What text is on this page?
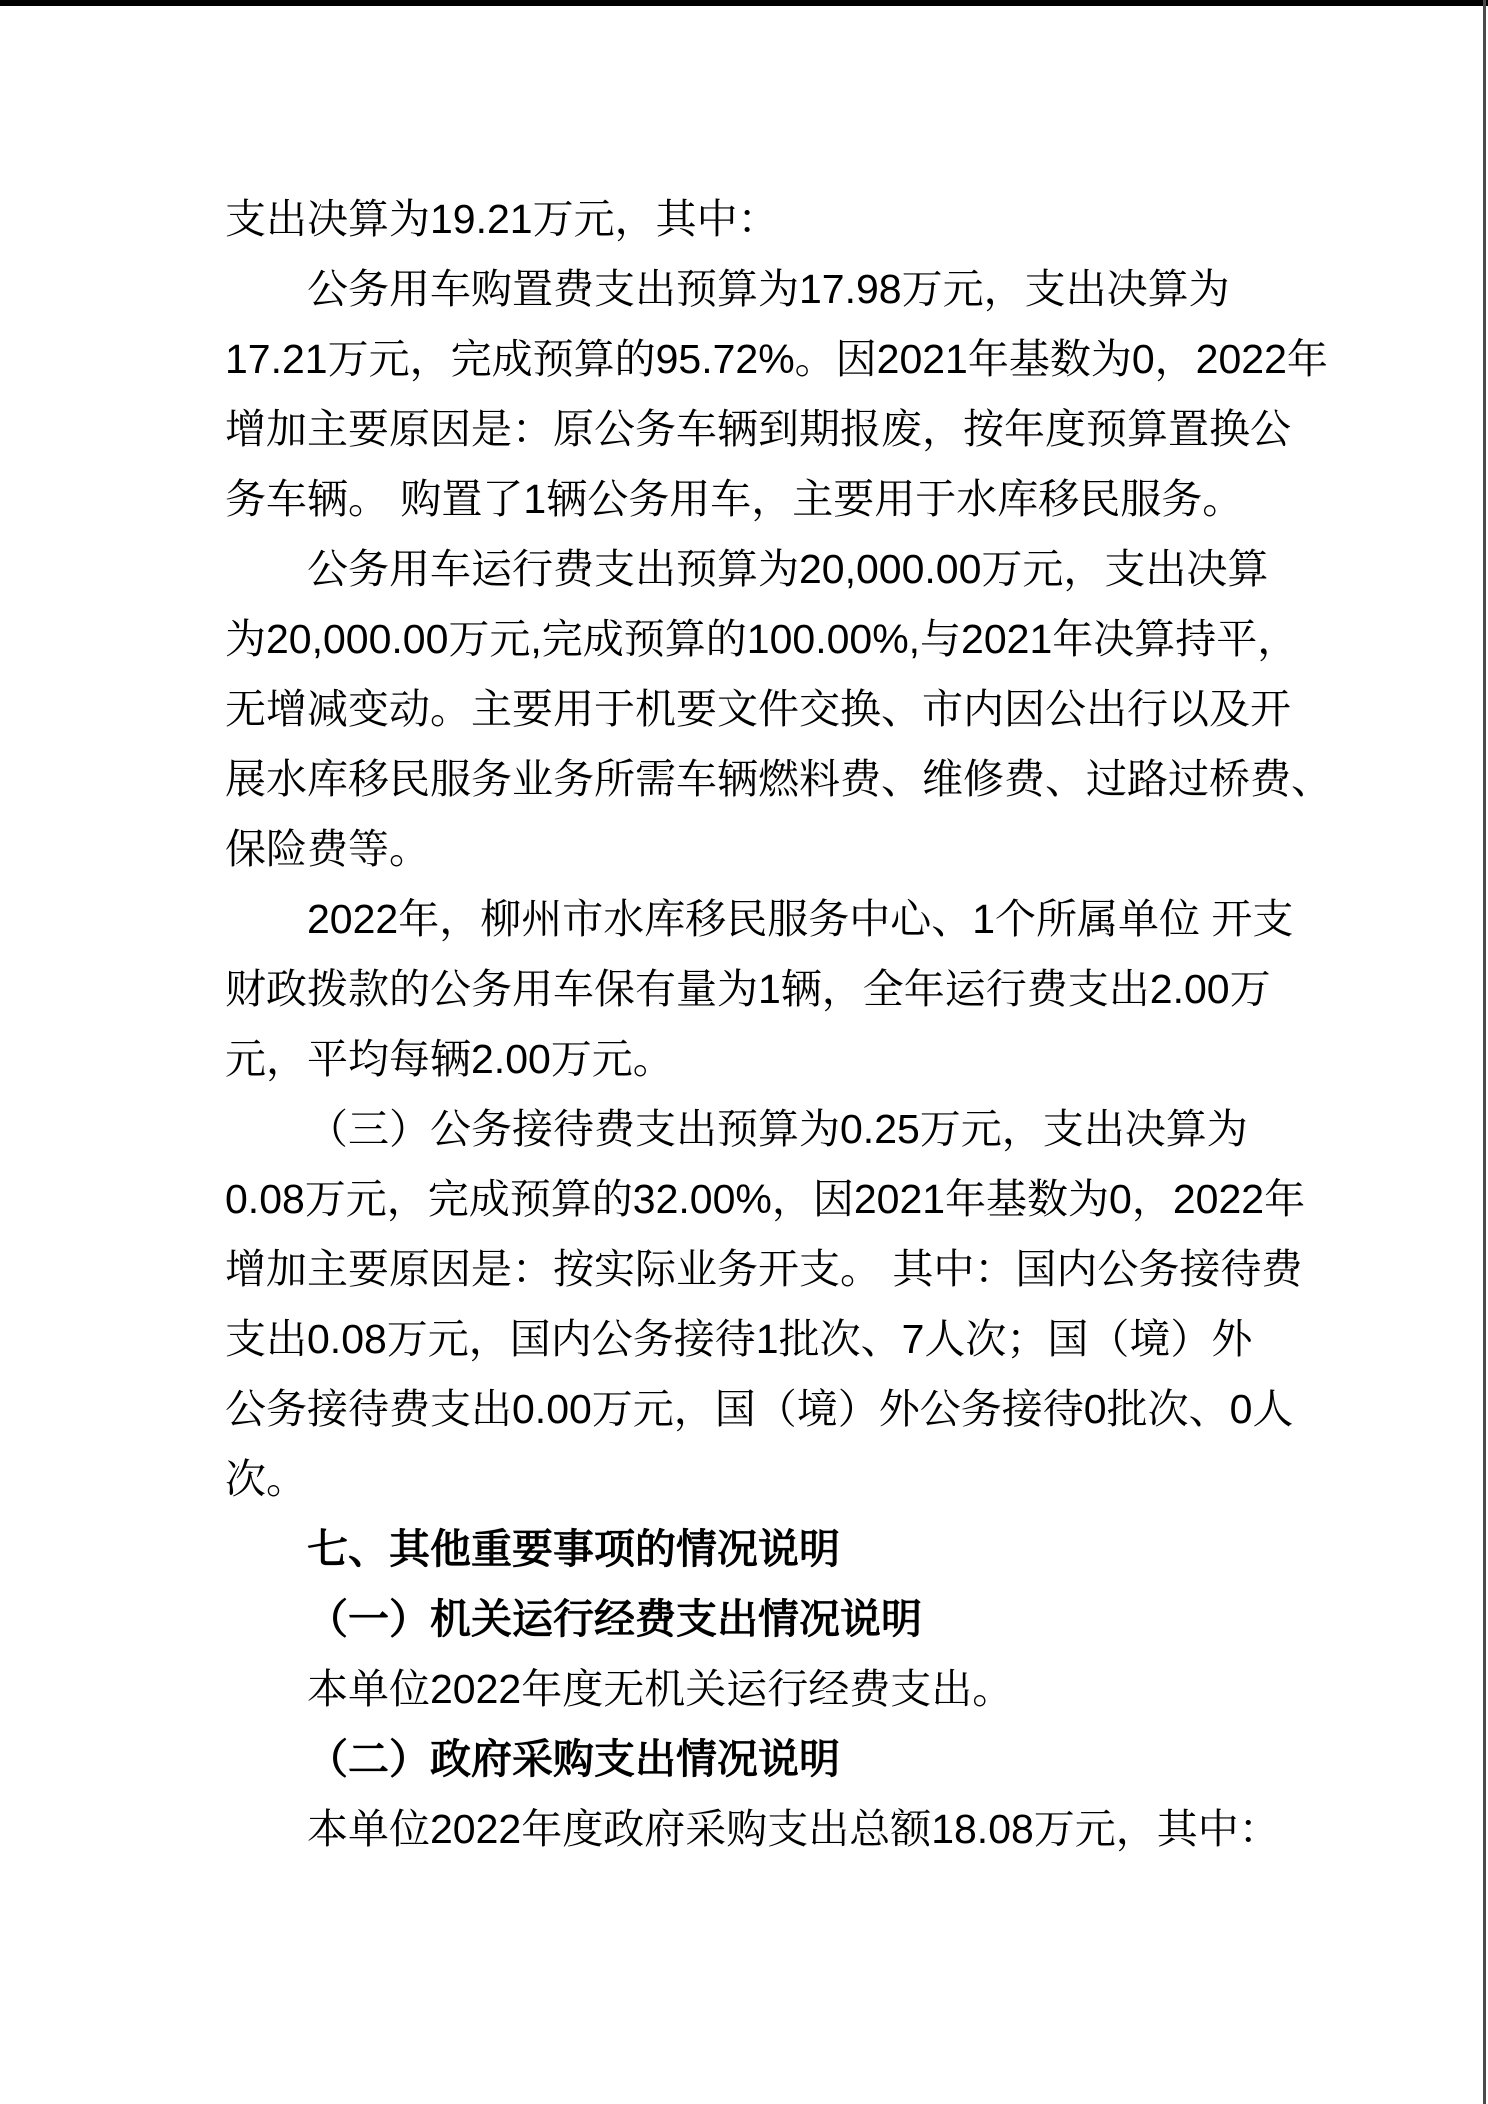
支出决算为19.21万元，其中：
公务用车购置费支出预算为17.98万元，支出决算为
17.21万元，完成预算的95.72%。因2021年基数为0，2022年
增加主要原因是：原公务车辆到期报废，按年度预算置换公
务车辆。 购置了1辆公务用车，主要用于水库移民服务。
公务用车运行费支出预算为20,000.00万元，支出决算
为20,000.00万元,完成预算的100.00%,与2021年决算持平，
无增减变动。主要用于机要文件交换、市内因公出行以及开
展水库移民服务业务所需车辆燃料费、维修费、过路过桥费、
保险费等。
2022年，柳州市水库移民服务中心、1个所属单位 开支
财政拨款的公务用车保有量为1辆，全年运行费支出2.00万
元，平均每辆2.00万元。
（三）公务接待费支出预算为0.25万元，支出决算为
0.08万元，完成预算的32.00%，因2021年基数为0，2022年
增加主要原因是：按实际业务开支。 其中：国内公务接待费
支出0.08万元，国内公务接待1批次、7人次；国（境）外
公务接待费支出0.00万元，国（境）外公务接待0批次、0人
次。
七、其他重要事项的情况说明
（一）机关运行经费支出情况说明
本单位2022年度无机关运行经费支出。
（二）政府采购支出情况说明
本单位2022年度政府采购支出总额18.08万元，其中：
